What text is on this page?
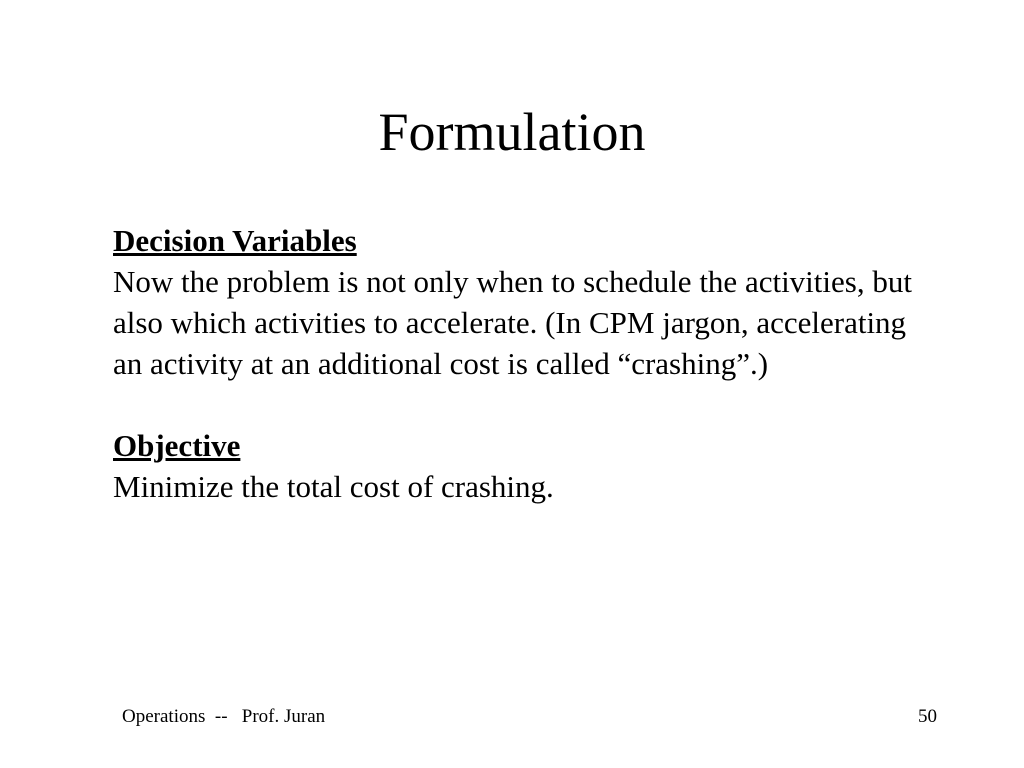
Formulation

Decision Variables

Now the problem is not only when to schedule the activities, but also which activities to accelerate. (In CPM jargon, accelerating an activity at an additional cost is called “crashing”.)

Objective

Minimize the total cost of crashing.

Operations  --   Prof. Juran	50
